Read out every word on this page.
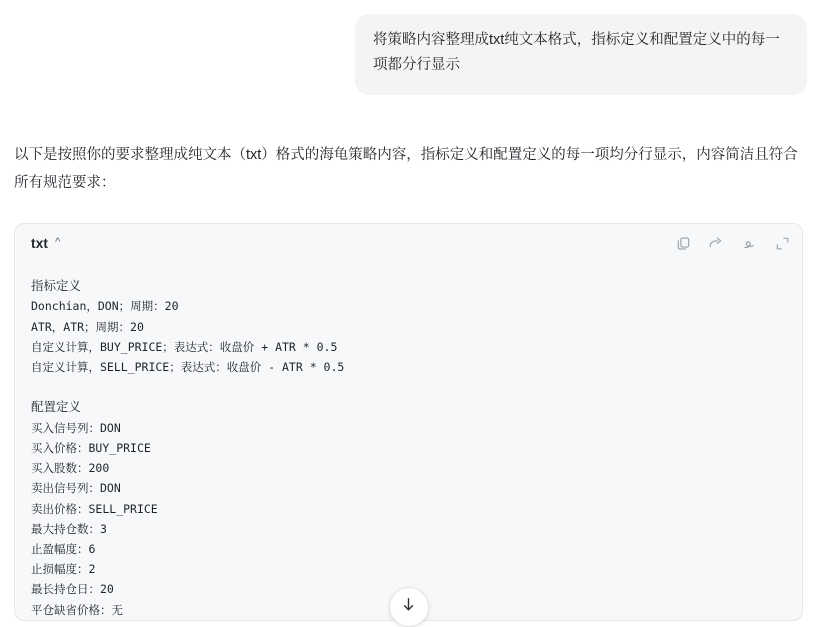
将策略内容整理成txt纯文本格式，指标定义和配置定义中的每一项都分行显示
以下是按照你的要求整理成纯文本（txt）格式的海龟策略内容，指标定义和配置定义的每一项均分行显示，内容简洁且符合所有规范要求：
txt ^
指标定义
Donchian，DON；周期：20
ATR，ATR；周期：20
自定义计算，BUY_PRICE；表达式：收盘价 + ATR * 0.5
自定义计算，SELL_PRICE；表达式：收盘价 - ATR * 0.5
配置定义
买入信号列：DON
买入价格：BUY_PRICE
买入股数：200
卖出信号列：DON
卖出价格：SELL_PRICE
最大持仓数：3
止盈幅度：6
止损幅度：2
最长持仓日：20
平仓缺省价格：无
